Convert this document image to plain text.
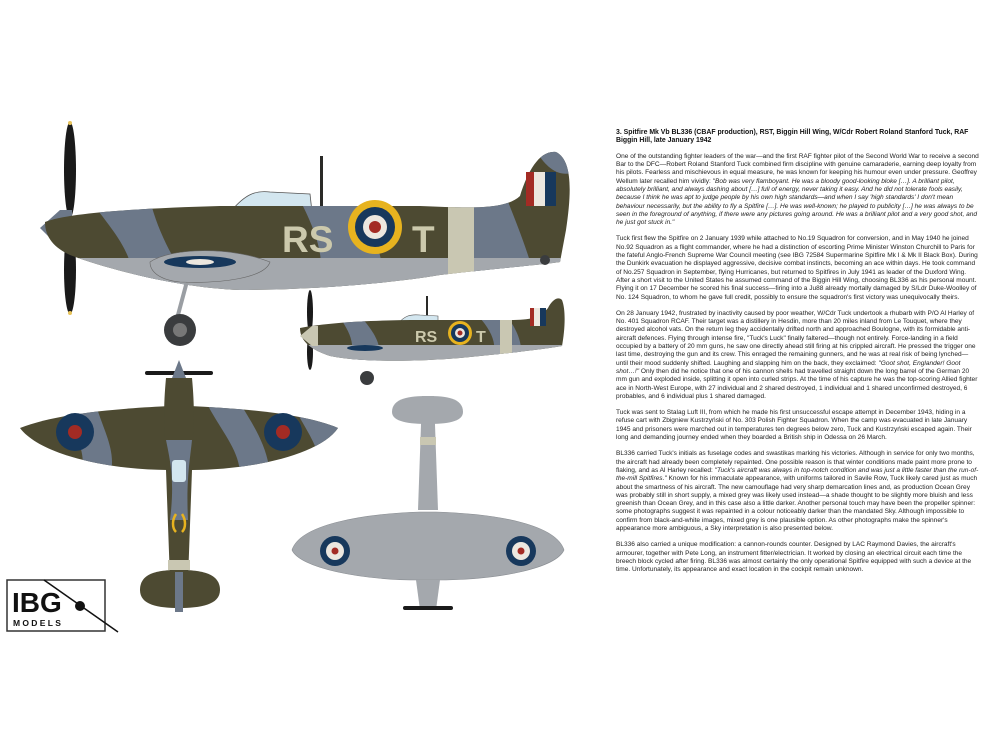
RS T
RS T
IBG
MODELS
3. Spitfire Mk Vb BL336 (CBAF production), RST, Biggin Hill Wing, W/Cdr Robert Roland Stanford Tuck, RAF Biggin Hill, late January 1942

One of the outstanding fighter leaders of the war—and the first RAF fighter pilot of the Second World War to receive a second Bar to the DFC—Robert Roland Stanford Tuck combined firm discipline with genuine camaraderie, earning deep loyalty from his pilots. Fearless and mischievous in equal measure, he was known for keeping his humour even under pressure. Geoffrey Wellum later recalled him vividly: "Bob was very flamboyant. He was a bloody good-looking bloke […]. A brilliant pilot, absolutely brilliant, and always dashing about […] full of energy, never taking it easy. And he did not tolerate fools easily, because I think he was apt to judge people by his own high standards—and when I say 'high standards' I don't mean behaviour necessarily, but the ability to fly a Spitfire […]. He was well-known; he played to publicity […] he was always to be seen in the foreground of anything, if there were any pictures going around. He was a brilliant pilot and a very good shot, and he just got stuck in."

Tuck first flew the Spitfire on 2 January 1939 while attached to No.19 Squadron for conversion, and in May 1940 he joined No.92 Squadron as a flight commander, where he had a distinction of escorting Prime Minister Winston Churchill to Paris for the fateful Anglo-French Supreme War Council meeting (see IBG 72584 Supermarine Spitfire Mk I & Mk II Black Box). During the Dunkirk evacuation he displayed aggressive, decisive combat instincts, becoming an ace within days. He took command of No.257 Squadron in September, flying Hurricanes, but returned to Spitfires in July 1941 as leader of the Duxford Wing. After a short visit to the United States he assumed command of the Biggin Hill Wing, choosing BL336 as his personal mount. Flying it on 17 December he scored his final success—firing into a Ju88 already mortally damaged by S/Ldr Duke-Woolley of No. 124 Squadron, to whom he gave full credit, possibly to ensure the squadron's first victory was unequivocally theirs.

On 28 January 1942, frustrated by inactivity caused by poor weather, W/Cdr Tuck undertook a rhubarb with P/O Al Harley of No. 401 Squadron RCAF. Their target was a distillery in Hesdin, more than 20 miles inland from Le Touquet, where they destroyed alcohol vats. On the return leg they accidentally drifted north and approached Boulogne, with its formidable anti-aircraft defences. Flying through intense fire, "Tuck's Luck" finally faltered—though not entirely. Force-landing in a field occupied by a battery of 20 mm guns, he saw one directly ahead still firing at his crippled aircraft. He pressed the trigger one last time, destroying the gun and its crew. This enraged the remaining gunners, and he was at real risk of being lynched—until their mood suddenly shifted. Laughing and slapping him on the back, they exclaimed: "Goot shot, Englander! Goot shot…!" Only then did he notice that one of his cannon shells had travelled straight down the long barrel of the German 20 mm gun and exploded inside, splitting it open into curled strips. At the time of his capture he was the top-scoring Allied fighter ace in North-West Europe, with 27 individual and 2 shared destroyed, 1 individual and 1 shared unconfirmed destroyed, 6 probables, and 6 individual plus 1 shared damaged.

Tuck was sent to Stalag Luft III, from which he made his first unsuccessful escape attempt in December 1943, hiding in a refuse cart with Zbigniew Kustrzyński of No. 303 Polish Fighter Squadron. When the camp was evacuated in late January 1945 and prisoners were marched out in temperatures ten degrees below zero, Tuck and Kustrzyński escaped again. Their long and demanding journey ended when they boarded a British ship in Odessa on 26 March.

BL336 carried Tuck's initials as fuselage codes and swastikas marking his victories. Although in service for only two months, the aircraft had already been completely repainted. One possible reason is that winter conditions made paint more prone to flaking, and as Al Harley recalled: "Tuck's aircraft was always in top-notch condition and was just a little faster than the run-of-the-mill Spitfires." Known for his immaculate appearance, with uniforms tailored in Savile Row, Tuck likely cared just as much about the smartness of his aircraft. The new camouflage had very sharp demarcation lines and, as production Ocean Grey was probably still in short supply, a mixed grey was likely used instead—a shade thought to be slightly more bluish and less greenish than Ocean Grey, and in this case also a little darker. Another personal touch may have been the propeller spinner: some photographs suggest it was repainted in a colour noticeably darker than the mandated Sky. Although impossible to confirm from black-and-white images, mixed grey is one plausible option. As other photographs make the spinner's appearance more ambiguous, a Sky interpretation is also presented below.

BL336 also carried a unique modification: a cannon-rounds counter. Designed by LAC Raymond Davies, the aircraft's armourer, together with Pete Long, an instrument fitter/electrician. It worked by closing an electrical circuit each time the breech block cycled after firing. BL336 was almost certainly the only operational Spitfire equipped with such a device at the time. Unfortunately, its appearance and exact location in the cockpit remain unknown.
